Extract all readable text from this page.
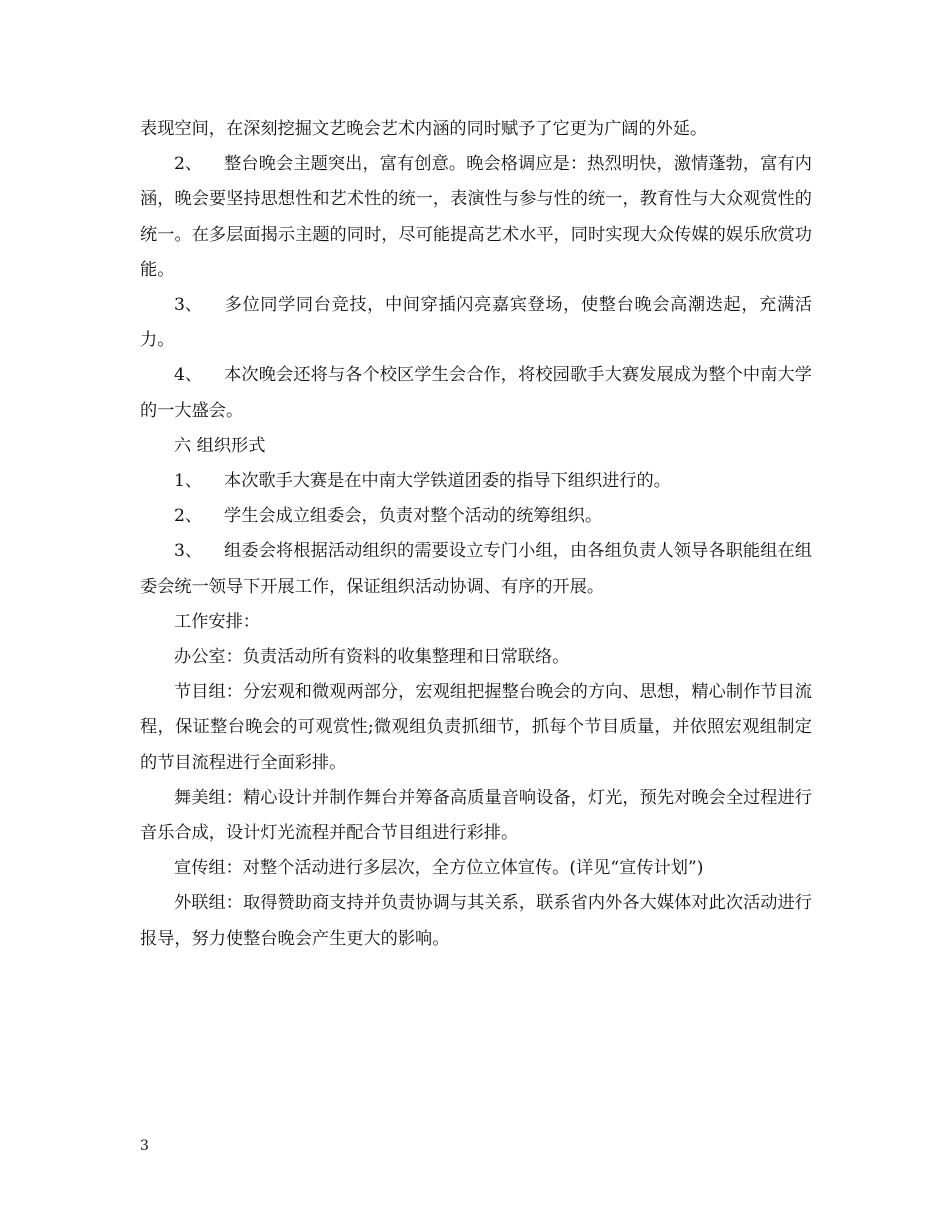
表现空间，在深刻挖掘文艺晚会艺术内涵的同时赋予了它更为广阔的外延。

2、 整台晚会主题突出，富有创意。晚会格调应是：热烈明快，激情蓬勃，富有内涵，晚会要坚持思想性和艺术性的统一，表演性与参与性的统一，教育性与大众观赏性的统一。在多层面揭示主题的同时，尽可能提高艺术水平，同时实现大众传媒的娱乐欣赏功能。

3、 多位同学同台竞技，中间穿插闪亮嘉宾登场，使整台晚会高潮迭起，充满活力。

4、 本次晚会还将与各个校区学生会合作，将校园歌手大赛发展成为整个中南大学的一大盛会。

六 组织形式

1、 本次歌手大赛是在中南大学铁道团委的指导下组织进行的。

2、 学生会成立组委会，负责对整个活动的统筹组织。

3、 组委会将根据活动组织的需要设立专门小组，由各组负责人领导各职能组在组委会统一领导下开展工作，保证组织活动协调、有序的开展。

工作安排：

办公室：负责活动所有资料的收集整理和日常联络。

节目组：分宏观和微观两部分，宏观组把握整台晚会的方向、思想，精心制作节目流程，保证整台晚会的可观赏性;微观组负责抓细节，抓每个节目质量，并依照宏观组制定的节目流程进行全面彩排。

舞美组：精心设计并制作舞台并筹备高质量音响设备，灯光，预先对晚会全过程进行音乐合成，设计灯光流程并配合节目组进行彩排。

宣传组：对整个活动进行多层次，全方位立体宣传。(详见“宣传计划”)

外联组：取得赞助商支持并负责协调与其关系，联系省内外各大媒体对此次活动进行报导，努力使整台晚会产生更大的影响。

3
